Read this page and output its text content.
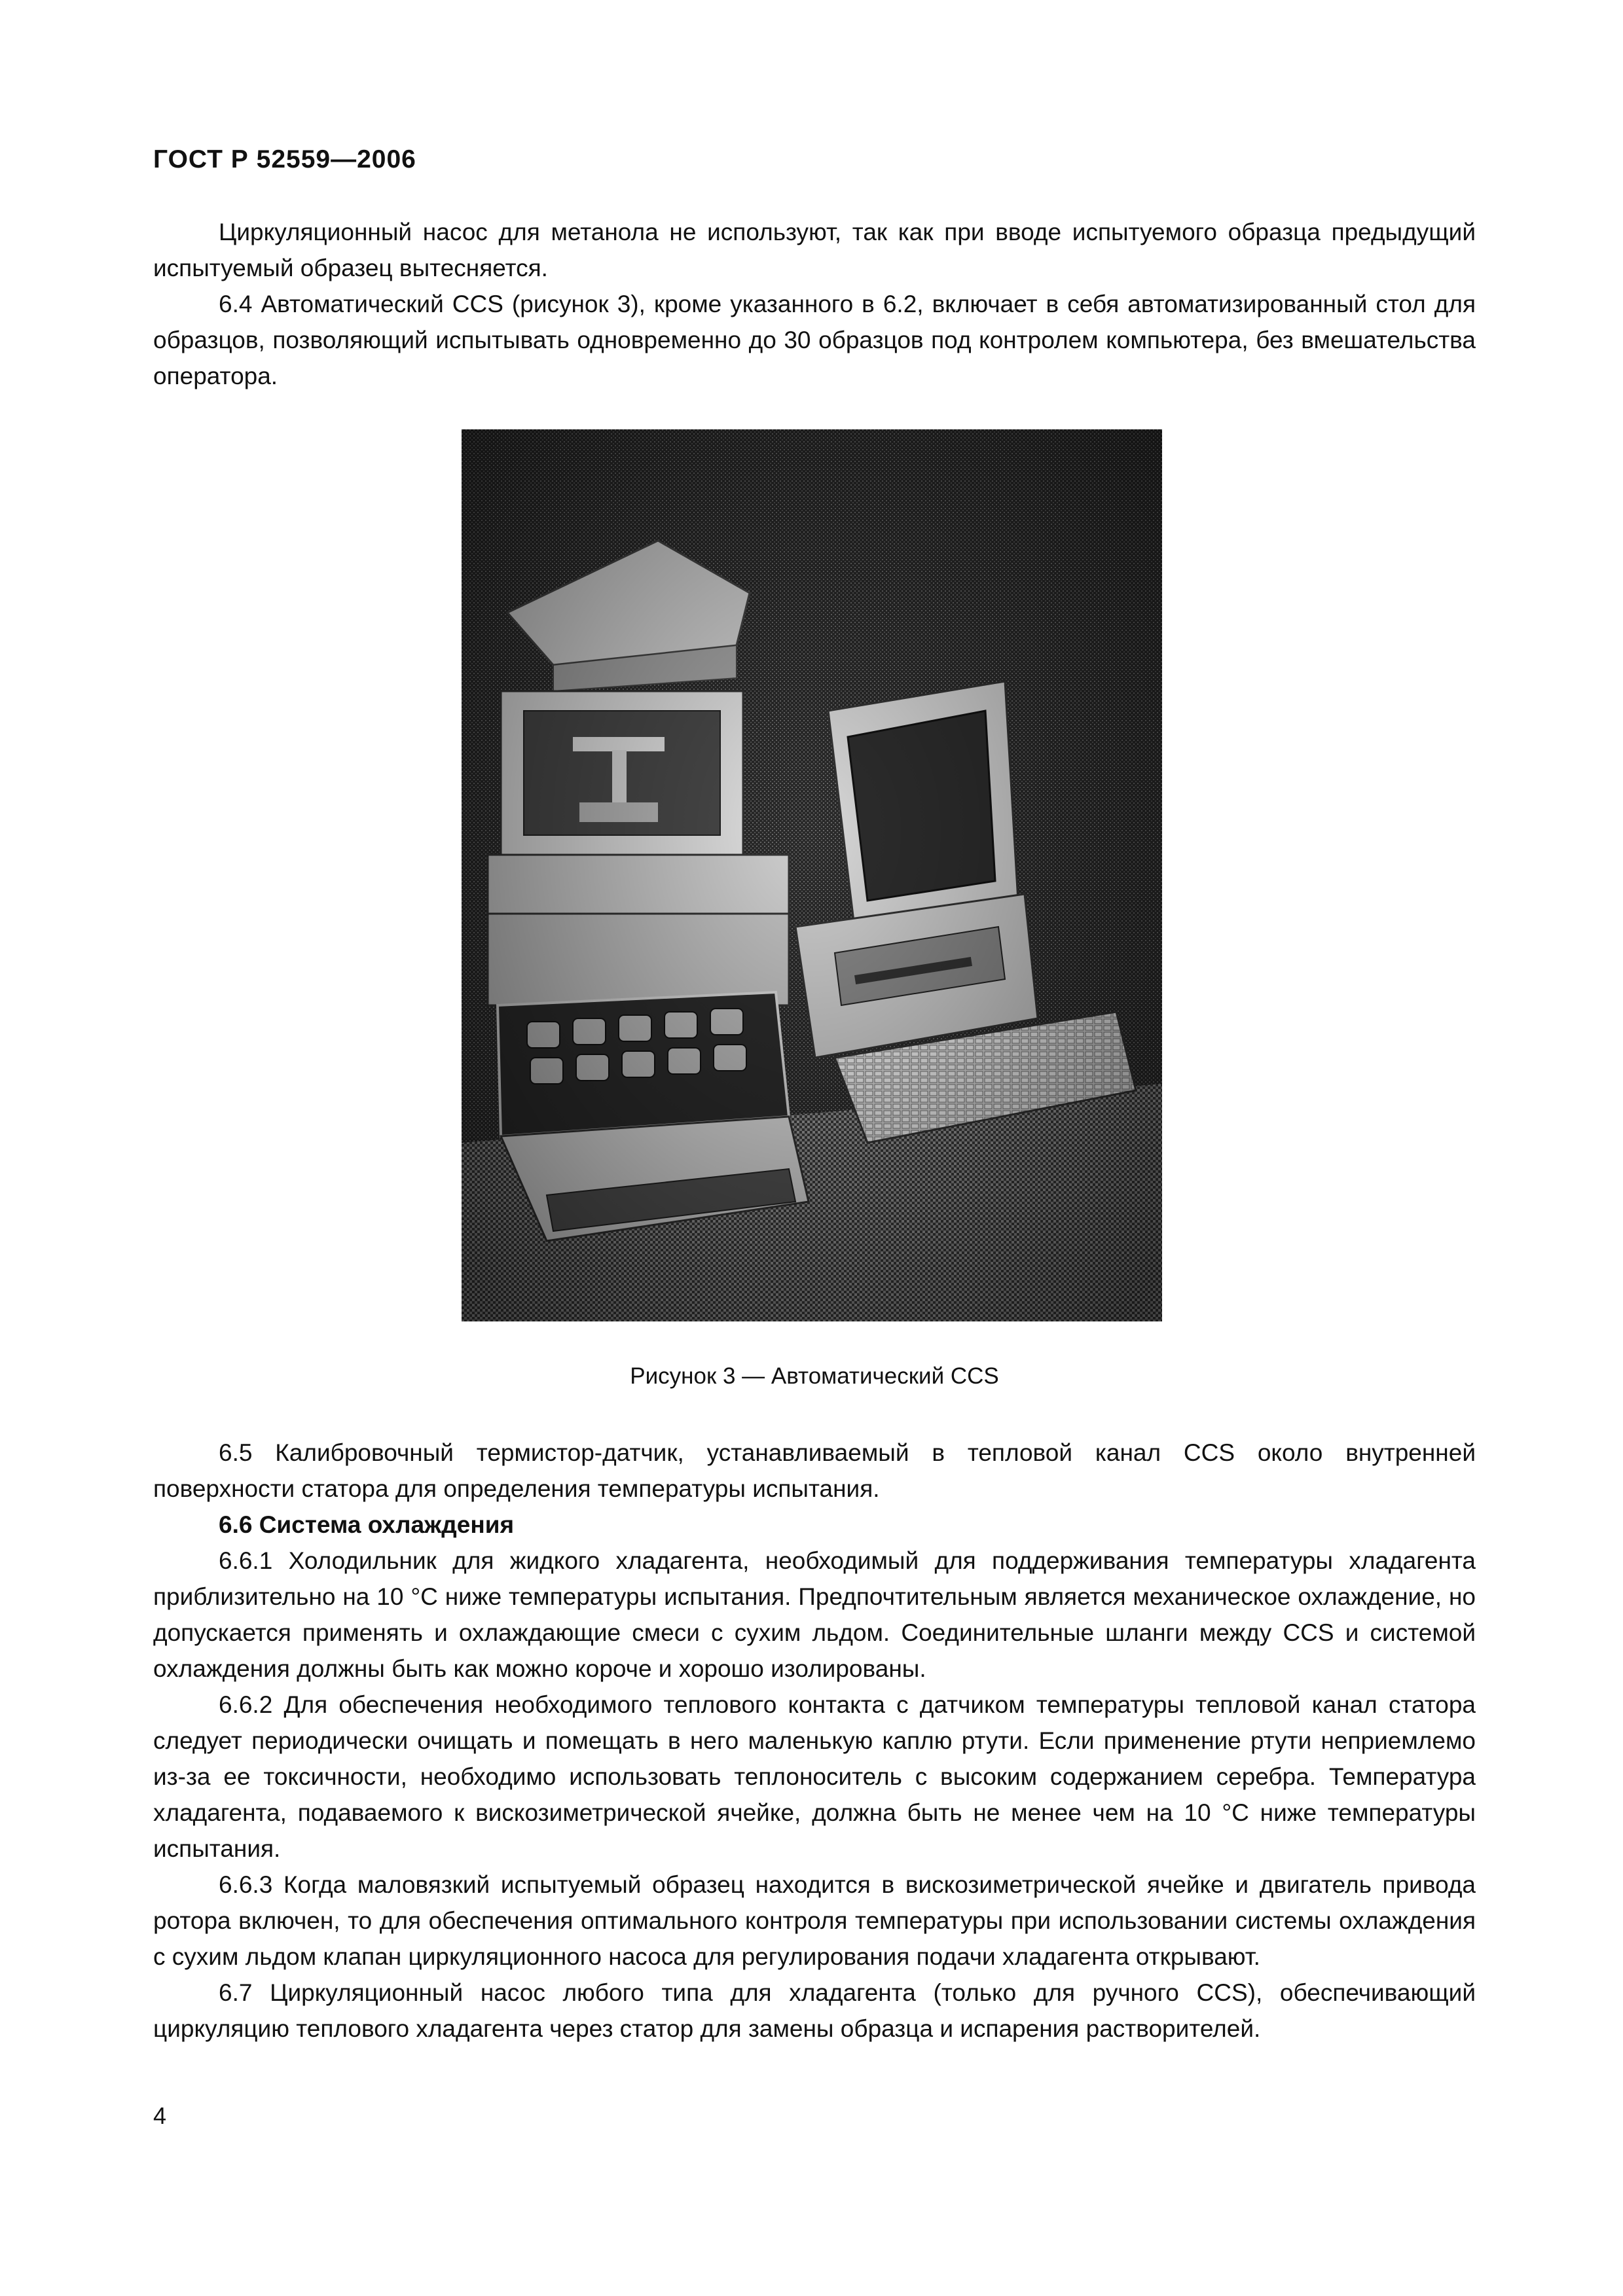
ГОСТ Р 52559—2006

Циркуляционный насос для метанола не используют, так как при вводе испытуемого образца предыдущий испытуемый образец вытесняется.

6.4 Автоматический CCS (рисунок 3), кроме указанного в 6.2, включает в себя автоматизированный стол для образцов, позволяющий испытывать одновременно до 30 образцов под контролем компьютера, без вмешательства оператора.

Рисунок 3 — Автоматический CCS

6.5 Калибровочный термистор-датчик, устанавливаемый в тепловой канал CCS около внутренней поверхности статора для определения температуры испытания.

6.6 Система охлаждения

6.6.1 Холодильник для жидкого хладагента, необходимый для поддерживания температуры хладагента приблизительно на 10 °С ниже температуры испытания. Предпочтительным является механическое охлаждение, но допускается применять и охлаждающие смеси с сухим льдом. Соединительные шланги между CCS и системой охлаждения должны быть как можно короче и хорошо изолированы.

6.6.2 Для обеспечения необходимого теплового контакта с датчиком температуры тепловой канал статора следует периодически очищать и помещать в него маленькую каплю ртути. Если применение ртути неприемлемо из-за ее токсичности, необходимо использовать теплоноситель с высоким содержанием серебра. Температура хладагента, подаваемого к вискозиметрической ячейке, должна быть не менее чем на 10 °С ниже температуры испытания.

6.6.3 Когда маловязкий испытуемый образец находится в вискозиметрической ячейке и двигатель привода ротора включен, то для обеспечения оптимального контроля температуры при использовании системы охлаждения с сухим льдом клапан циркуляционного насоса для регулирования подачи хладагента открывают.

6.7 Циркуляционный насос любого типа для хладагента (только для ручного CCS), обеспечивающий циркуляцию теплового хладагента через статор для замены образца и испарения растворителей.

4
